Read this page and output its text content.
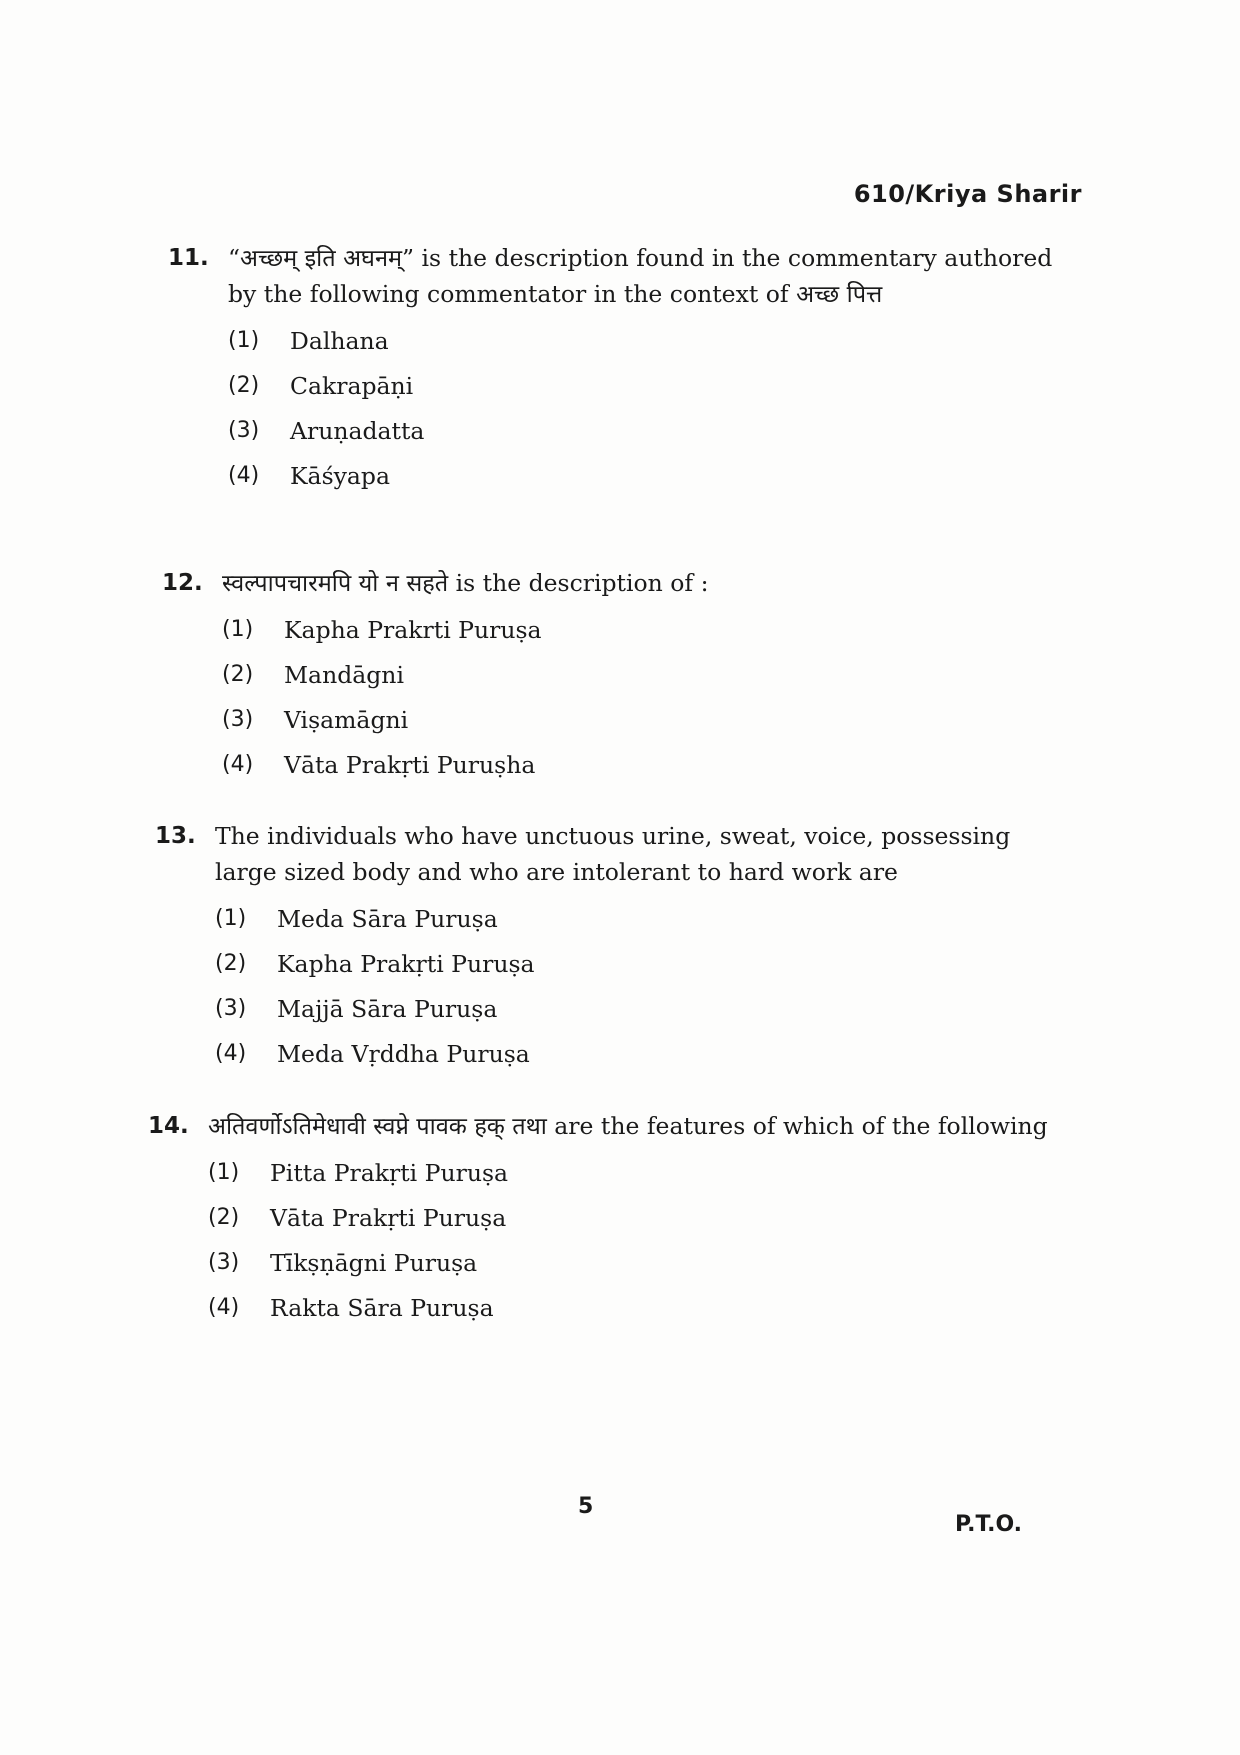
610/Kriya Sharir
11. “अच्छम् इति अघनम्” is the description found in the commentary authored by the following commentator in the context of अच्छ पित्त
(1)	Dalhana
(2)	Cakrapāṇi
(3)	Aruṇadatta
(4)	Kāśyapa
12. स्वल्पापचारमपि यो न सहते is the description of :
(1)	Kapha Prakrti Puruṣa
(2)	Mandāgni
(3)	Viṣamāgni
(4)	Vāta Prakṛti Puruṣha
13. The individuals who have unctuous urine, sweat, voice, possessing large sized body and who are intolerant to hard work are
(1)	Meda Sāra Puruṣa
(2)	Kapha Prakṛti Puruṣa
(3)	Majjā Sāra Puruṣa
(4)	Meda Vṛddha Puruṣa
14. अतिवर्णोऽतिमेधावी स्वप्ने पावक हक् तथा are the features of which of the following
(1)	Pitta Prakṛti Puruṣa
(2)	Vāta Prakṛti Puruṣa
(3)	Tīkṣṇāgni Puruṣa
(4)	Rakta Sāra Puruṣa
5
P.T.O.
